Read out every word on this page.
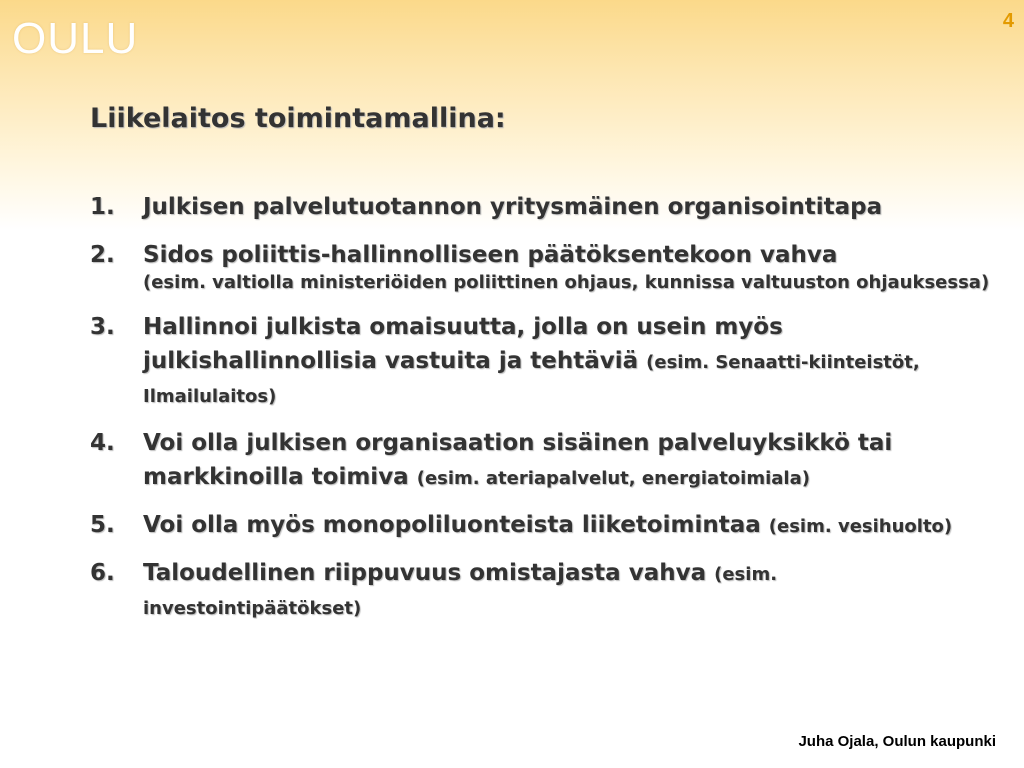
OULU	4
Liikelaitos toimintamallina:
1. Julkisen palvelutuotannon yritysmäinen organisointitapa
2. Sidos poliittis-hallinnolliseen päätöksentekoon vahva
(esim. valtiolla ministeriöiden poliittinen ohjaus, kunnissa valtuuston ohjauksessa)
3. Hallinnoi julkista omaisuutta, jolla on usein myös julkishallinnollisia vastuita ja tehtäviä (esim. Senaatti-kiinteistöt, Ilmailulaitos)
4. Voi olla julkisen organisaation sisäinen palveluyksikkö tai markkinoilla toimiva (esim. ateriapalvelut, energiatoimiala)
5. Voi olla myös monopoliluonteista liiketoimintaa (esim. vesihuolto)
6. Taloudellinen riippuvuus omistajasta vahva (esim. investointipäätökset)
Juha Ojala, Oulun kaupunki
